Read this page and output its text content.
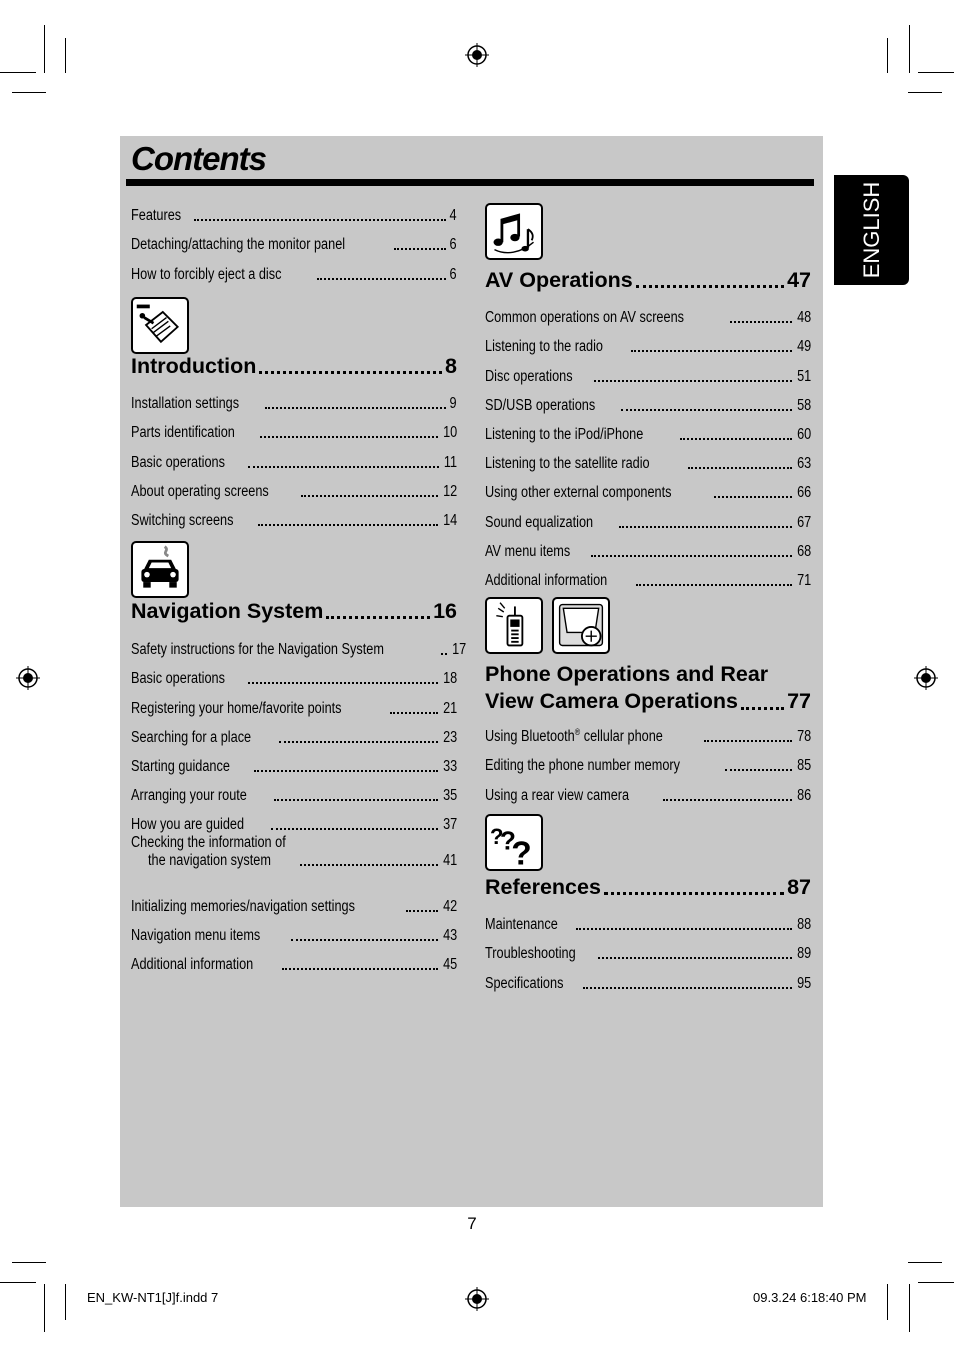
Contents
ENGLISH
Features	4
Detaching/attaching the monitor panel	6
How to forcibly eject a disc	6
Introduction	8
Installation settings	9
Parts identification	10
Basic operations	11
About operating screens	12
Switching screens	14
Navigation System	16
Safety instructions for the Navigation System	17
Basic operations	18
Registering your home/favorite points	21
Searching for a place	23
Starting guidance	33
Arranging your route	35
How you are guided	37
Checking the information of
the navigation system	41
Initializing memories/navigation settings	42
Navigation menu items	43
Additional information	45
AV Operations	47
Common operations on AV screens	48
Listening to the radio	49
Disc operations	51
SD/USB operations	58
Listening to the iPod/iPhone	60
Listening to the satellite radio	63
Using other external components	66
Sound equalization	67
AV menu items	68
Additional information	71
Phone Operations and Rear
View Camera Operations 77
Using Bluetooth® cellular phone	78
Editing the phone number memory	85
Using a rear view camera	86
?
?
?
References	87
Maintenance	88
Troubleshooting	89
Specifications	95
7
EN_KW-NT1[J]f.indd 7	09.3.24 6:18:40 PM
